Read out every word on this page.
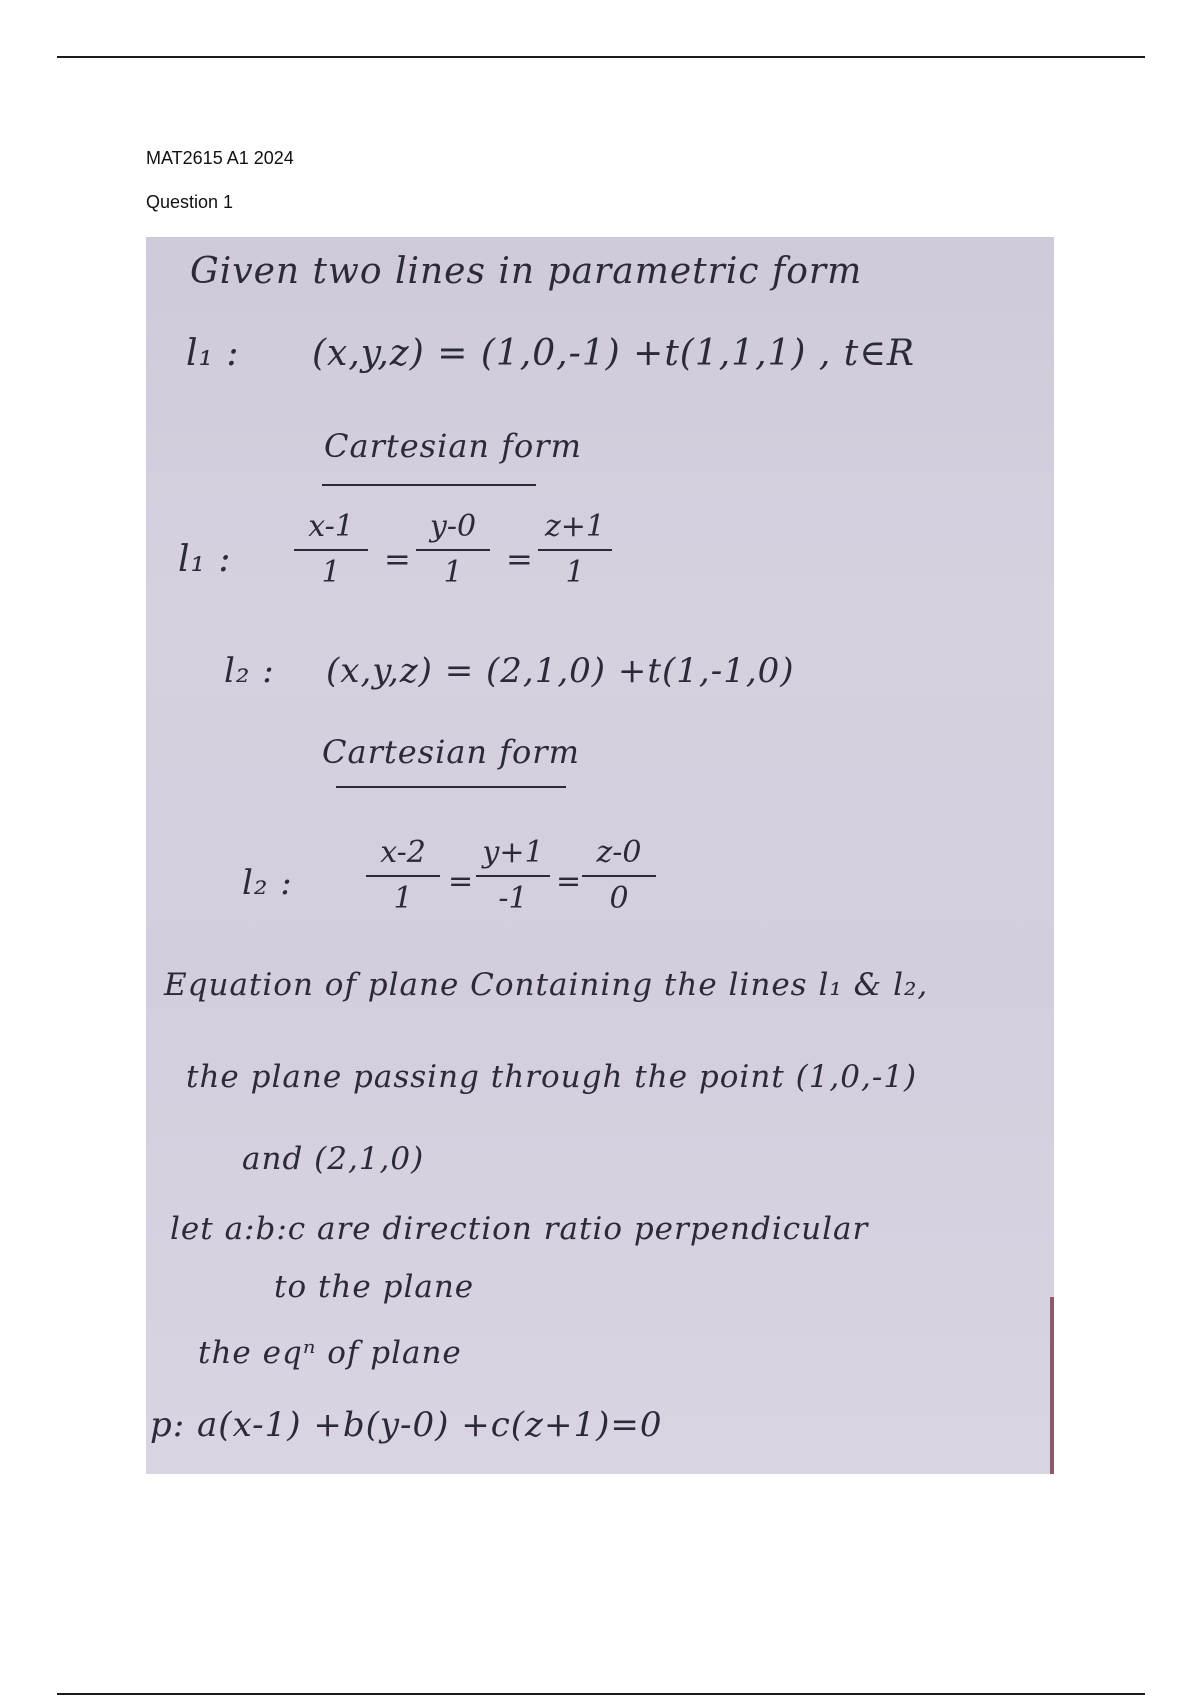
MAT2615 A1 2024
Question 1
Given two lines in parametric form
l₁ : (x,y,z) = (1,0,-1) +t(1,1,1) , t∈R
Cartesian form
l₁ :
x-1
1	=
y-0
1	=
z+1
1
l₂ : (x,y,z) = (2,1,0) +t(1,-1,0)
Cartesian form
l₂ :
x-2
1	=
y+1
-1 =
z-0
0
Equation of plane Containing the lines l₁ & l₂,
the plane passing through the point (1,0,-1)
and (2,1,0)
let a:b:c are direction ratio perpendicular
to the plane
the eqⁿ of plane
p: a(x-1) +b(y-0) +c(z+1)=0
